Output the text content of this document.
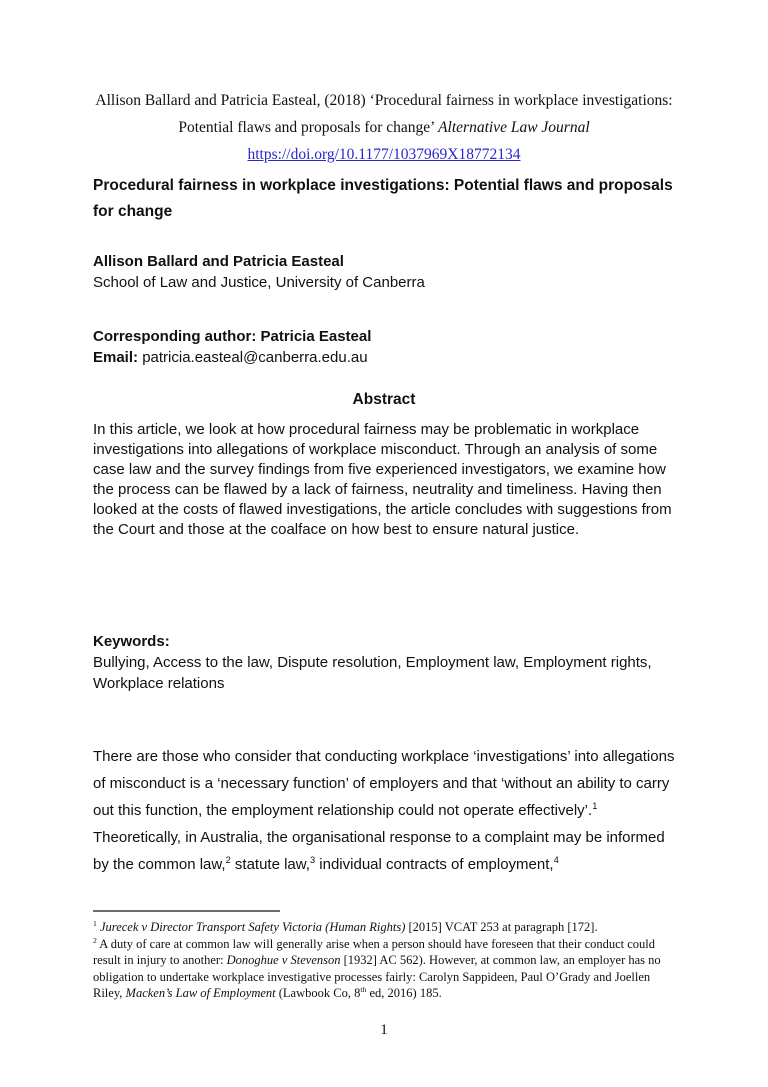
Allison Ballard and Patricia Easteal, (2018) ‘Procedural fairness in workplace investigations:
Potential flaws and proposals for change’ Alternative Law Journal
https://doi.org/10.1177/1037969X18772134
Procedural fairness in workplace investigations: Potential flaws and proposals for change
Allison Ballard and Patricia Easteal
School of Law and Justice, University of Canberra
Corresponding author: Patricia Easteal
Email: patricia.easteal@canberra.edu.au
Abstract

In this article, we look at how procedural fairness may be problematic in workplace investigations into allegations of workplace misconduct. Through an analysis of some case law and the survey findings from five experienced investigators, we examine how the process can be flawed by a lack of fairness, neutrality and timeliness. Having then looked at the costs of flawed investigations, the article concludes with suggestions from the Court and those at the coalface on how best to ensure natural justice.

Keywords:

Bullying, Access to the law, Dispute resolution, Employment law, Employment rights, Workplace relations

There are those who consider that conducting workplace ‘investigations’ into allegations of misconduct is a ‘necessary function’ of employers and that ‘without an ability to carry out this function, the employment relationship could not operate effectively’.$^1$ Theoretically, in Australia, the organisational response to a complaint may be informed by the common law,$^2$ statute law,$^3$ individual contracts of employment,$^4$

$^1$ Jurecek v Director Transport Safety Victoria (Human Rights) [2015] VCAT 253 at paragraph [172].

$^2$ A duty of care at common law will generally arise when a person should have foreseen that their conduct could result in injury to another: Donoghue v Stevenson [1932] AC 562). However, at common law, an employer has no obligation to undertake workplace investigative processes fairly: Carolyn Sappideen, Paul O’Grady and Joellen Riley, Macken’s Law of Employment (Lawbook Co, 8th ed, 2016) 185.

1
